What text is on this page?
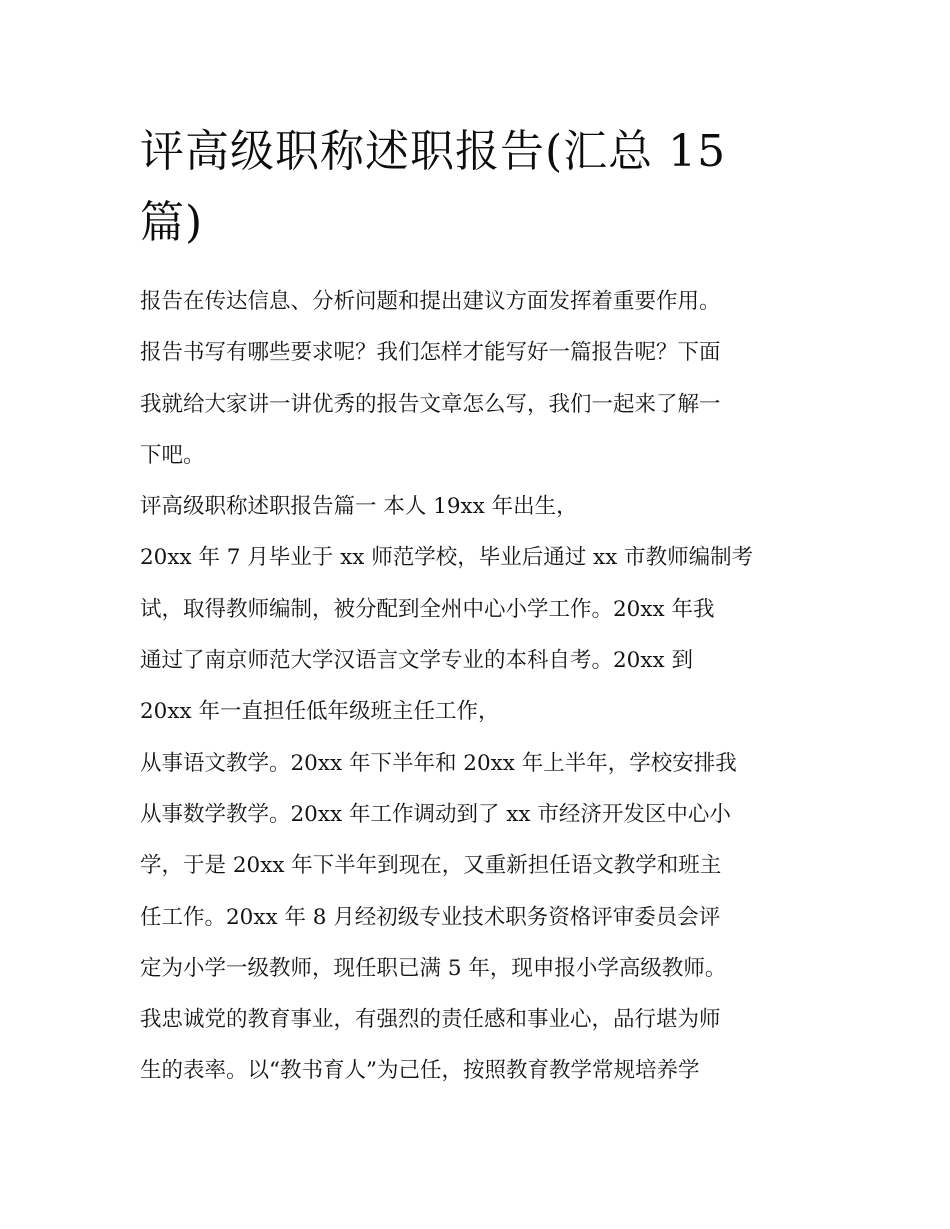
评高级职称述职报告(汇总 15
篇)
报告在传达信息、分析问题和提出建议方面发挥着重要作用。
报告书写有哪些要求呢？我们怎样才能写好一篇报告呢？下面
我就给大家讲一讲优秀的报告文章怎么写，我们一起来了解一
下吧。
评高级职称述职报告篇一 本人 19xx 年出生，
20xx 年 7 月毕业于 xx 师范学校，毕业后通过 xx 市教师编制考
试，取得教师编制，被分配到全州中心小学工作。20xx 年我
通过了南京师范大学汉语言文学专业的本科自考。20xx 到
20xx 年一直担任低年级班主任工作，
从事语文教学。20xx 年下半年和 20xx 年上半年，学校安排我
从事数学教学。20xx 年工作调动到了 xx 市经济开发区中心小
学，于是 20xx 年下半年到现在，又重新担任语文教学和班主
任工作。20xx 年 8 月经初级专业技术职务资格评审委员会评
定为小学一级教师，现任职已满 5 年，现申报小学高级教师。
我忠诚党的教育事业，有强烈的责任感和事业心，品行堪为师
生的表率。以“教书育人”为己任，按照教育教学常规培养学
